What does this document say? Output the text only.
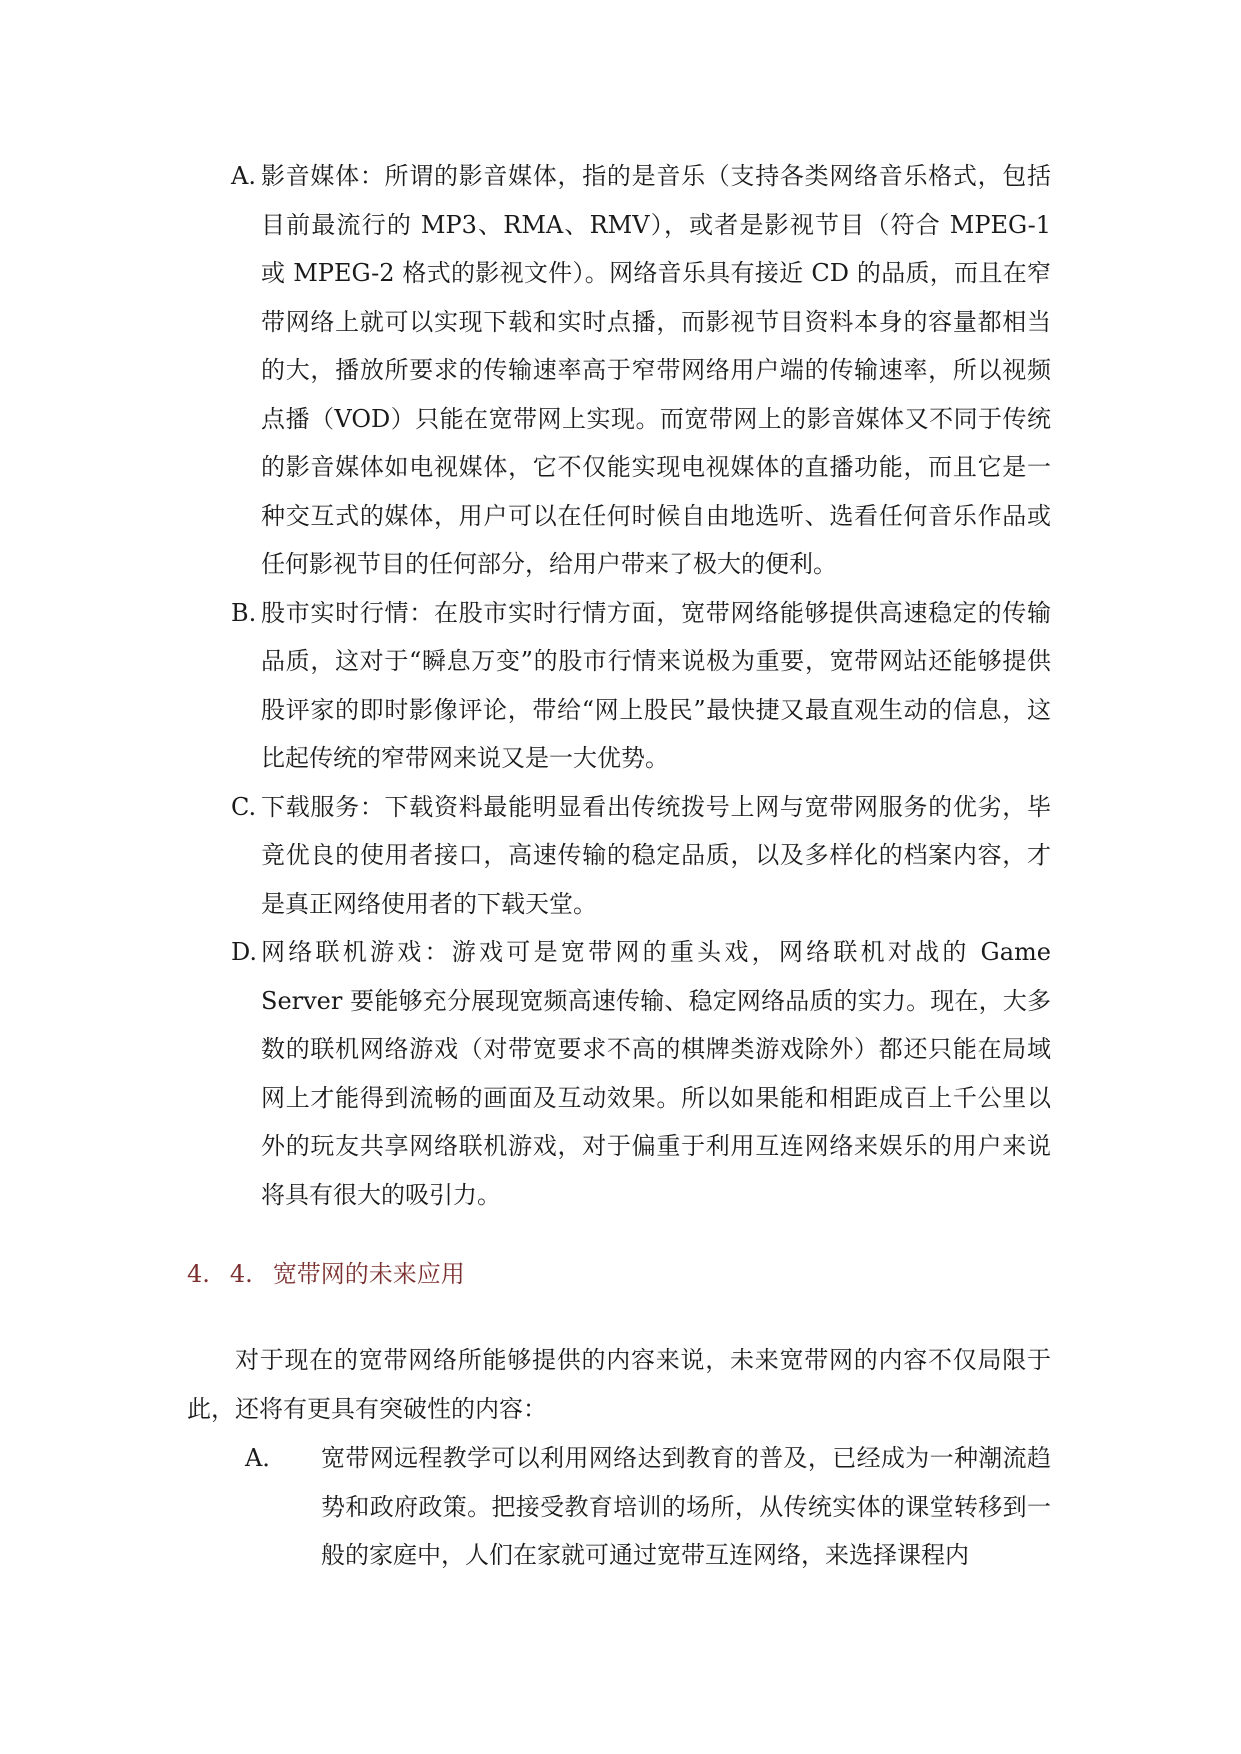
A. 影音媒体：所谓的影音媒体，指的是音乐（支持各类网络音乐格式，包括目前最流行的 MP3、RMA、RMV），或者是影视节目（符合 MPEG-1 或 MPEG-2 格式的影视文件）。网络音乐具有接近 CD 的品质，而且在窄带网络上就可以实现下载和实时点播，而影视节目资料本身的容量都相当的大，播放所要求的传输速率高于窄带网络用户端的传输速率，所以视频点播（VOD）只能在宽带网上实现。而宽带网上的影音媒体又不同于传统的影音媒体如电视媒体，它不仅能实现电视媒体的直播功能，而且它是一种交互式的媒体，用户可以在任何时候自由地选听、选看任何音乐作品或任何影视节目的任何部分，给用户带来了极大的便利。
B. 股市实时行情：在股市实时行情方面，宽带网络能够提供高速稳定的传输品质，这对于“瞬息万变”的股市行情来说极为重要，宽带网站还能够提供股评家的即时影像评论，带给“网上股民”最快捷又最直观生动的信息，这比起传统的窄带网来说又是一大优势。
C. 下载服务：下载资料最能明显看出传统拨号上网与宽带网服务的优劣，毕竟优良的使用者接口，高速传输的稳定品质，以及多样化的档案内容，才是真正网络使用者的下载天堂。
D. 网络联机游戏：游戏可是宽带网的重头戏，网络联机对战的 Game Server 要能够充分展现宽频高速传输、稳定网络品质的实力。现在，大多数的联机网络游戏（对带宽要求不高的棋牌类游戏除外）都还只能在局域网上才能得到流畅的画面及互动效果。所以如果能和相距成百上千公里以外的玩友共享网络联机游戏，对于偏重于利用互连网络来娱乐的用户来说将具有很大的吸引力。
4. 4. 宽带网的未来应用

对于现在的宽带网络所能够提供的内容来说，未来宽带网的内容不仅局限于此，还将有更具有突破性的内容：

A． 宽带网远程教学可以利用网络达到教育的普及，已经成为一种潮流趋势和政府政策。把接受教育培训的场所，从传统实体的课堂转移到一般的家庭中，人们在家就可通过宽带互连网络，来选择课程内
